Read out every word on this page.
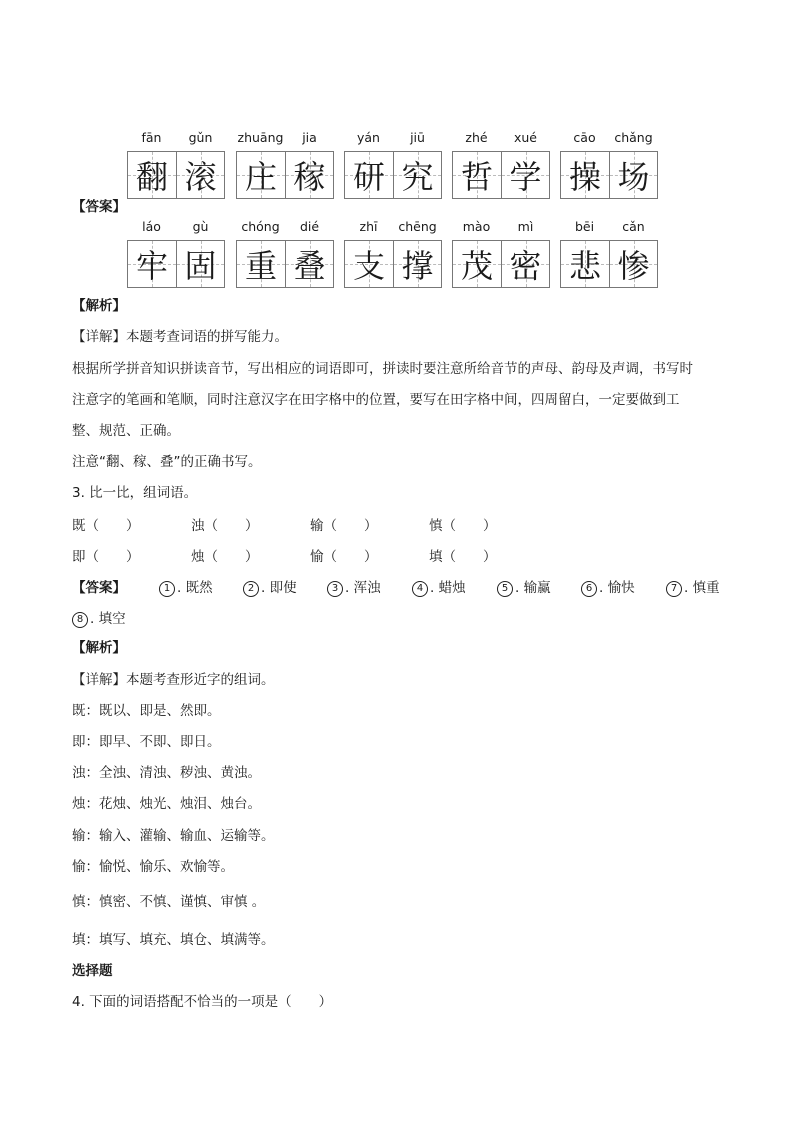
fān	gǔn
翻 滚
zhuāng	jia
庄 稼
yán	jiū
研 究
zhé	xué
哲 学
cāo	chǎng
操 场
【答案】
láo	gù
牢 固
chóng	dié
重 叠
zhī	chēng
支 撑
mào	mì
茂 密
bēi	cǎn
悲 惨
【解析】
【详解】本题考查词语的拼写能力。
根据所学拼音知识拼读音节，写出相应的词语即可，拼读时要注意所给音节的声母、韵母及声调，书写时
注意字的笔画和笔顺，同时注意汉字在田字格中的位置，要写在田字格中间，四周留白，一定要做到工
整、规范、正确。
注意“翻、稼、叠”的正确书写。
3. 比一比，组词语。
既（　　）	浊（　　）	输（　　）	慎（　　）
即（　　）	烛（　　）	愉（　　）	填（　　）
【答案】	1 . 既然	2 . 即使	3 . 浑浊	4 . 蜡烛	5 . 输赢	6 . 愉快	7 . 慎重
8 . 填空
【解析】
【详解】本题考查形近字的组词。
既：既以、即是、然即。
即：即早、不即、即日。
浊：全浊、清浊、秽浊、黄浊。
烛：花烛、烛光、烛泪、烛台。
输：输入、灌输、输血、运输等。
愉：愉悦、愉乐、欢愉等。
慎：慎密、不慎、谨慎、审慎 。
填：填写、填充、填仓、填满等。
选择题
4. 下面的词语搭配不恰当的一项是（　　）
